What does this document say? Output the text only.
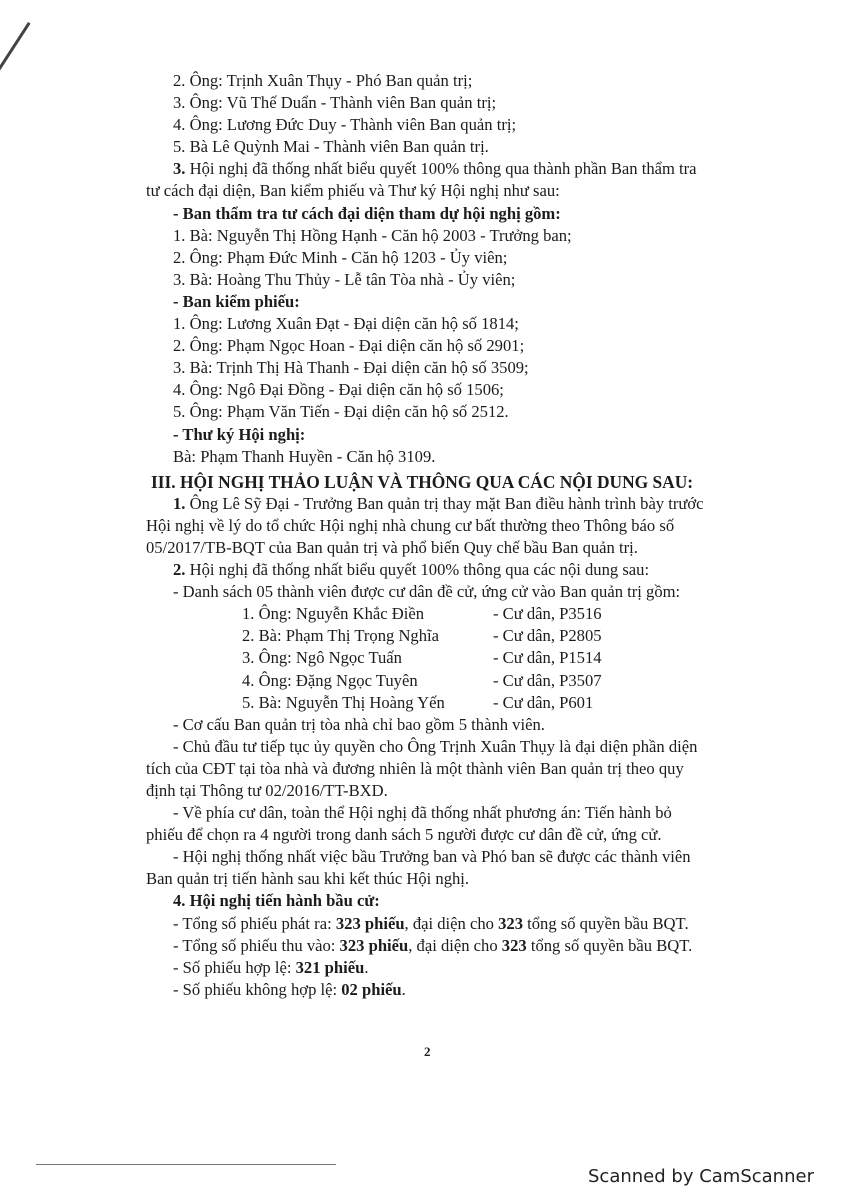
2. Ông: Trịnh Xuân Thụy - Phó Ban quản trị;
3. Ông: Vũ Thế Duẩn - Thành viên Ban quản trị;
4. Ông: Lương Đức Duy - Thành viên Ban quản trị;
5. Bà Lê Quỳnh Mai - Thành viên Ban quản trị.
3. Hội nghị đã thống nhất biểu quyết 100% thông qua thành phần Ban thẩm tra
tư cách đại diện, Ban kiểm phiếu và Thư ký Hội nghị như sau:
- Ban thẩm tra tư cách đại diện tham dự hội nghị gồm:
1. Bà: Nguyễn Thị Hồng Hạnh - Căn hộ 2003 - Trưởng ban;
2. Ông: Phạm Đức Minh - Căn hộ 1203 - Ủy viên;
3. Bà: Hoàng Thu Thủy - Lễ tân Tòa nhà - Ủy viên;
- Ban kiểm phiếu:
1. Ông: Lương Xuân Đạt - Đại diện căn hộ số 1814;
2. Ông: Phạm Ngọc Hoan - Đại diện căn hộ số 2901;
3. Bà: Trịnh Thị Hà Thanh - Đại diện căn hộ số 3509;
4. Ông: Ngô Đại Đồng - Đại diện căn hộ số 1506;
5. Ông: Phạm Văn Tiến - Đại diện căn hộ số 2512.
- Thư ký Hội nghị:
Bà: Phạm Thanh Huyền - Căn hộ 3109.
III. HỘI NGHỊ THẢO LUẬN VÀ THÔNG QUA CÁC NỘI DUNG SAU:
1. Ông Lê Sỹ Đại - Trưởng Ban quản trị thay mặt Ban điều hành trình bày trước
Hội nghị về lý do tổ chức Hội nghị nhà chung cư bất thường theo Thông báo số
05/2017/TB-BQT của Ban quản trị và phổ biến Quy chế bầu Ban quản trị.
2. Hội nghị đã thống nhất biểu quyết 100% thông qua các nội dung sau:
- Danh sách 05 thành viên được cư dân đề cử, ứng cử vào Ban quản trị gồm:
1. Ông: Nguyễn Khắc Điền	- Cư dân, P3516
2. Bà: Phạm Thị Trọng Nghĩa	- Cư dân, P2805
3. Ông: Ngô Ngọc Tuấn	- Cư dân, P1514
4. Ông: Đặng Ngọc Tuyên	- Cư dân, P3507
5. Bà: Nguyễn Thị Hoàng Yến	- Cư dân, P601
- Cơ cấu Ban quản trị tòa nhà chỉ bao gồm 5 thành viên.
- Chủ đầu tư tiếp tục ủy quyền cho Ông Trịnh Xuân Thụy là đại diện phần diện
tích của CĐT tại tòa nhà và đương nhiên là một thành viên Ban quản trị theo quy
định tại Thông tư 02/2016/TT-BXD.
- Về phía cư dân, toàn thể Hội nghị đã thống nhất phương án: Tiến hành bỏ
phiếu để chọn ra 4 người trong danh sách 5 người được cư dân đề cử, ứng cử.
- Hội nghị thống nhất việc bầu Trưởng ban và Phó ban sẽ được các thành viên
Ban quản trị tiến hành sau khi kết thúc Hội nghị.
4. Hội nghị tiến hành bầu cử:
- Tổng số phiếu phát ra: 323 phiếu, đại diện cho 323 tổng số quyền bầu BQT.
- Tổng số phiếu thu vào: 323 phiếu, đại diện cho 323 tổng số quyền bầu BQT.
- Số phiếu hợp lệ: 321 phiếu.
- Số phiếu không hợp lệ: 02 phiếu.
2
Scanned by CamScanner
